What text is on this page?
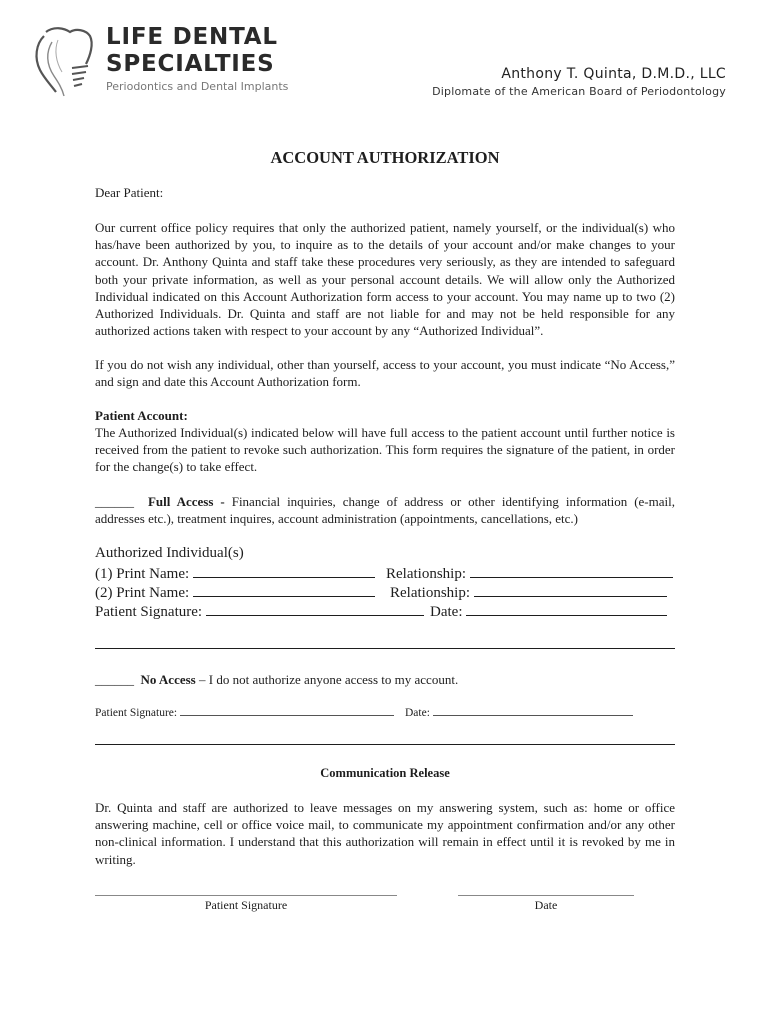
LIFE DENTAL
SPECIALTIES
Periodontics and Dental Implants
Anthony T. Quinta, D.M.D., LLC
Diplomate of the American Board of Periodontology
ACCOUNT AUTHORIZATION
Dear Patient:
Our current office policy requires that only the authorized patient, namely yourself, or the individual(s) who has/have been authorized by you, to inquire as to the details of your account and/or make changes to your account. Dr. Anthony Quinta and staff take these procedures very seriously, as they are intended to safeguard both your private information, as well as your personal account details. We will allow only the Authorized Individual indicated on this Account Authorization form access to your account. You may name up to two (2) Authorized Individuals. Dr. Quinta and staff are not liable for and may not be held responsible for any authorized actions taken with respect to your account by any “Authorized Individual”.
If you do not wish any individual, other than yourself, access to your account, you must indicate “No Access,” and sign and date this Account Authorization form.
Patient Account:
The Authorized Individual(s) indicated below will have full access to the patient account until further notice is received from the patient to revoke such authorization. This form requires the signature of the patient, in order for the change(s) to take effect.
______ Full Access - Financial inquiries, change of address or other identifying information (e-mail, addresses etc.), treatment inquires, account administration (appointments, cancellations, etc.)
Authorized Individual(s)
(1) Print Name:	Relationship:
(2) Print Name:	Relationship:
Patient Signature:	Date:
______ No Access – I do not authorize anyone access to my account.
Patient Signature:	Date:
Communication Release
Dr. Quinta and staff are authorized to leave messages on my answering system, such as: home or office answering machine, cell or office voice mail, to communicate my appointment confirmation and/or any other non-clinical information. I understand that this authorization will remain in effect until it is revoked by me in writing.
Patient Signature	Date
